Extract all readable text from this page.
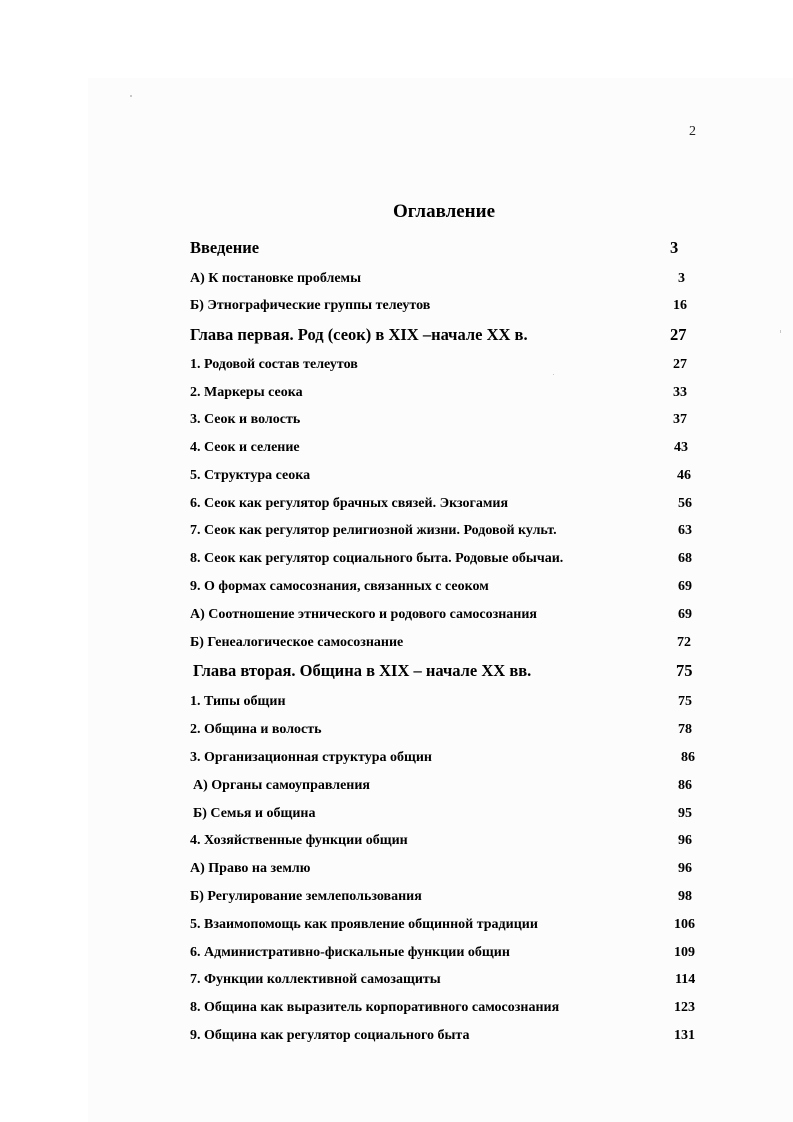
2
Оглавление
Введение	3
А) К постановке проблемы	3
Б) Этнографические группы телеутов	16
Глава первая. Род (сеок) в XIX –начале XX в.	27
1. Родовой состав телеутов	27
2. Маркеры сеока	33
3. Сеок и волость	37
4. Сеок и селение	43
5. Структура сеока	46
6. Сеок как регулятор брачных связей. Экзогамия	56
7. Сеок как регулятор религиозной жизни. Родовой культ.	63
8. Сеок как регулятор социального быта. Родовые обычаи.	68
9. О формах самосознания, связанных с сеоком	69
А) Соотношение этнического и родового самосознания	69
Б) Генеалогическое самосознание	72
Глава вторая. Община в XIX – начале XX вв.	75
1. Типы общин	75
2. Община и волость	78
3. Организационная структура общин	86
А) Органы самоуправления	86
Б) Семья и община	95
4. Хозяйственные функции общин	96
А) Право на землю	96
Б) Регулирование землепользования	98
5. Взаимопомощь как проявление общинной традиции	106
6. Административно-фискальные функции общин	109
7. Функции коллективной самозащиты	114
8. Община как выразитель корпоративного самосознания	123
9. Община как регулятор социального быта	131
